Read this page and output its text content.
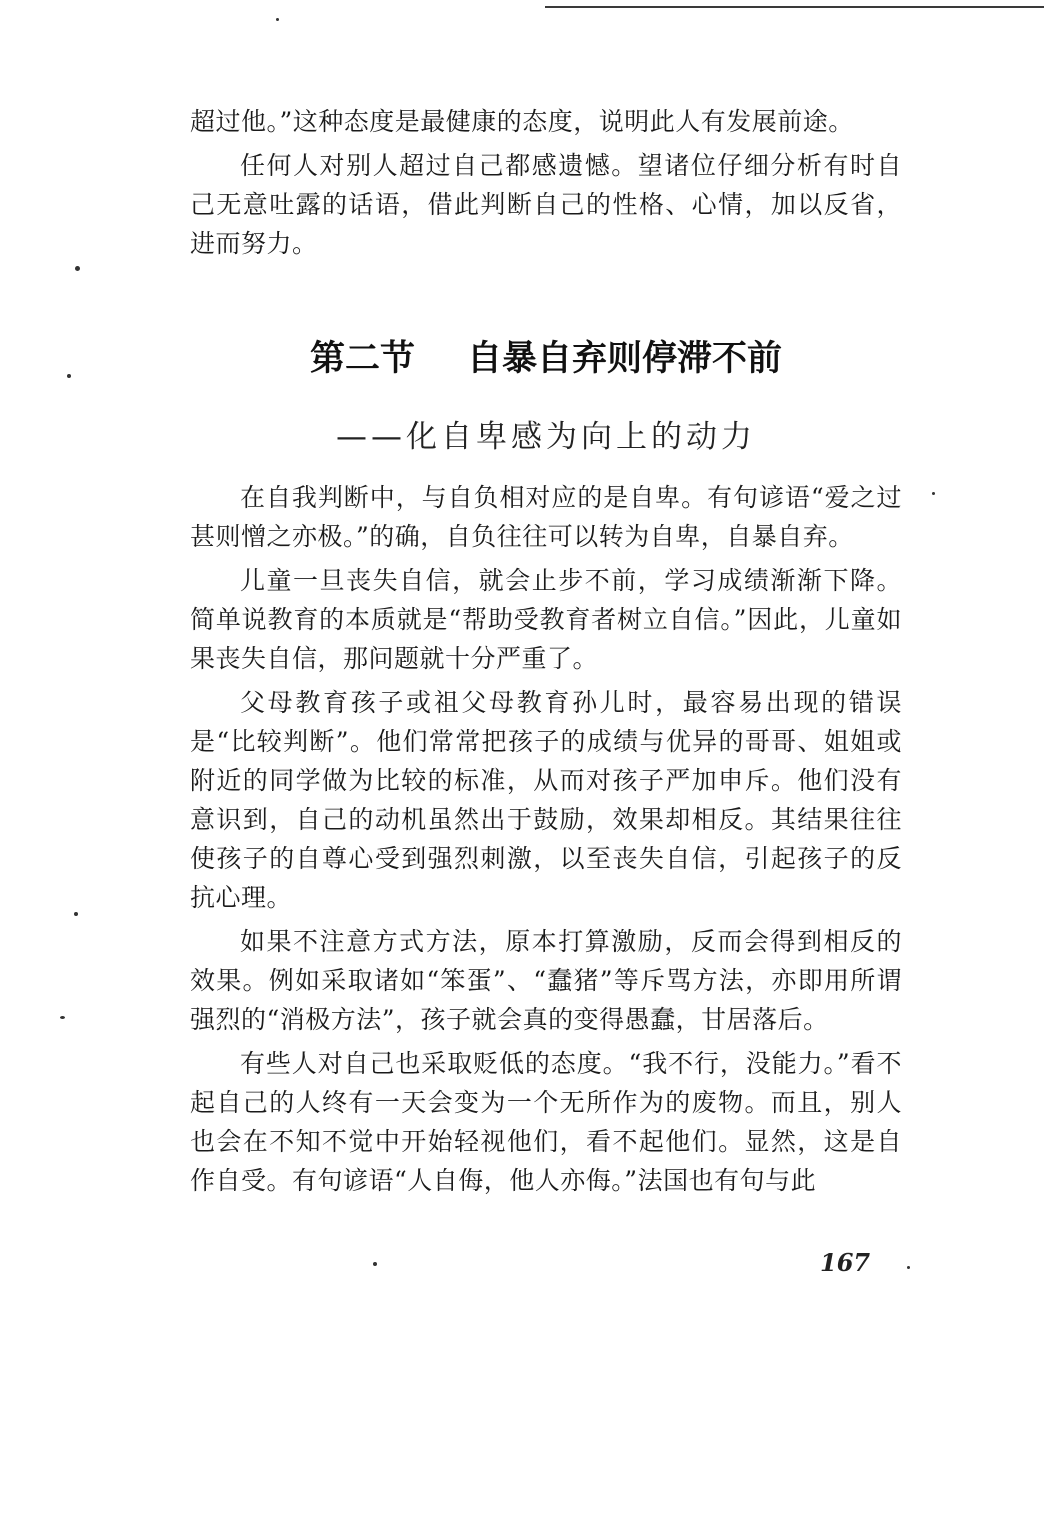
超过他。”这种态度是最健康的态度，说明此人有发展前途。

任何人对别人超过自己都感遗憾。望诸位仔细分析有时自己无意吐露的话语，借此判断自己的性格、心情，加以反省，进而努力。

第二节 自暴自弃则停滞不前
——化自卑感为向上的动力

在自我判断中，与自负相对应的是自卑。有句谚语“爱之过甚则憎之亦极。”的确，自负往往可以转为自卑，自暴自弃。

儿童一旦丧失自信，就会止步不前，学习成绩渐渐下降。简单说教育的本质就是“帮助受教育者树立自信。”因此，儿童如果丧失自信，那问题就十分严重了。

父母教育孩子或祖父母教育孙儿时，最容易出现的错误是“比较判断”。他们常常把孩子的成绩与优异的哥哥、姐姐或附近的同学做为比较的标准，从而对孩子严加申斥。他们没有意识到，自己的动机虽然出于鼓励，效果却相反。其结果往往使孩子的自尊心受到强烈刺激，以至丧失自信，引起孩子的反抗心理。

如果不注意方式方法，原本打算激励，反而会得到相反的效果。例如采取诸如“笨蛋”、“蠢猪”等斥骂方法，亦即用所谓强烈的“消极方法”，孩子就会真的变得愚蠢，甘居落后。

有些人对自己也采取贬低的态度。“我不行，没能力。”看不起自己的人终有一天会变为一个无所作为的废物。而且，别人也会在不知不觉中开始轻视他们，看不起他们。显然，这是自作自受。有句谚语“人自侮，他人亦侮。”法国也有句与此

167
